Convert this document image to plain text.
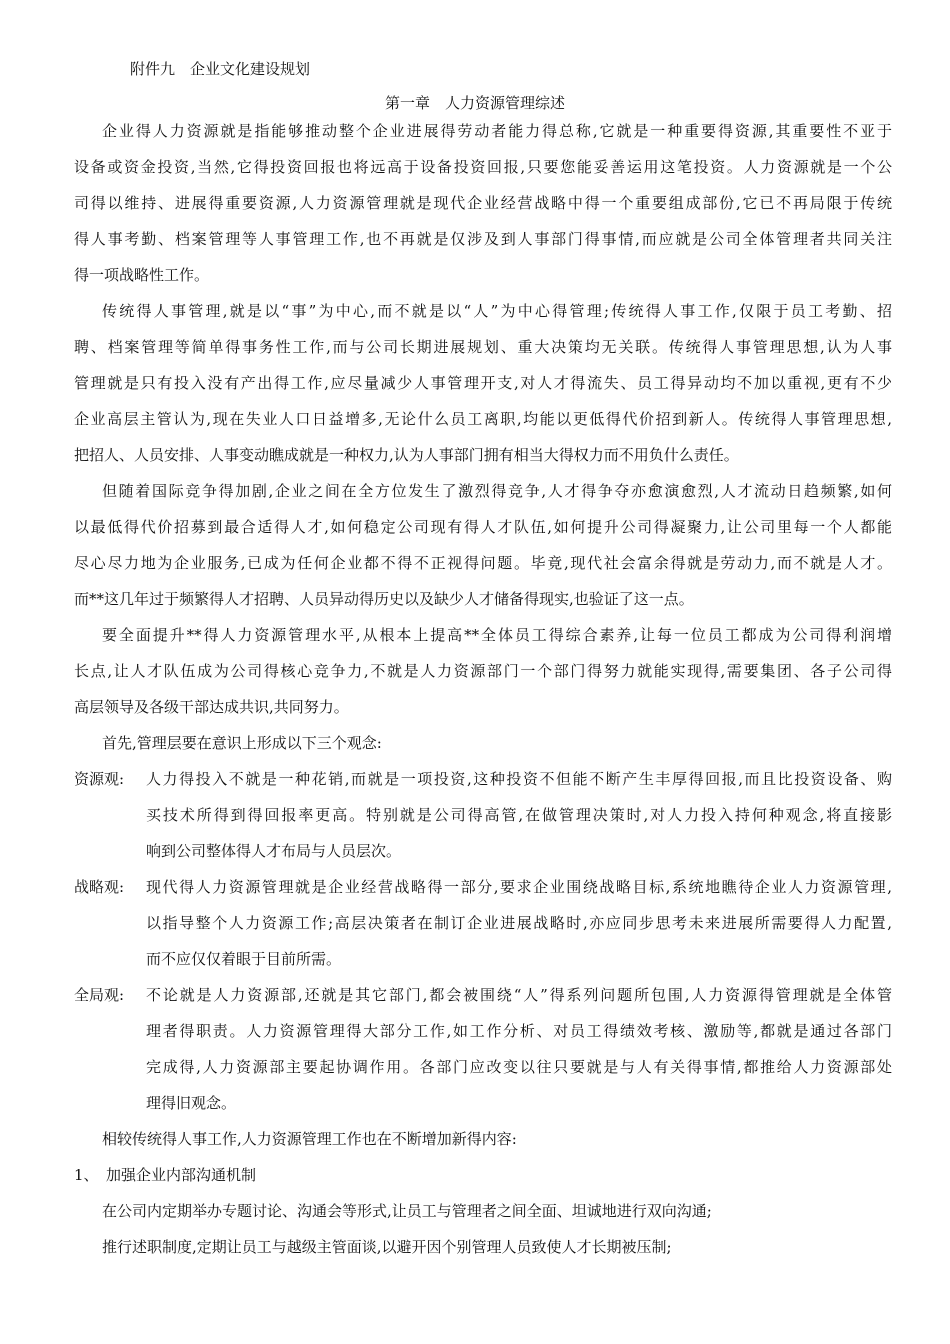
附件九　企业文化建设规划
第一章　人力资源管理综述
企业得人力资源就是指能够推动整个企业进展得劳动者能力得总称,它就是一种重要得资源,其重要性不亚于
设备或资金投资,当然,它得投资回报也将远高于设备投资回报,只要您能妥善运用这笔投资。人力资源就是一个公
司得以维持、进展得重要资源,人力资源管理就是现代企业经营战略中得一个重要组成部份,它已不再局限于传统
得人事考勤、档案管理等人事管理工作,也不再就是仅涉及到人事部门得事情,而应就是公司全体管理者共同关注
得一项战略性工作。
传统得人事管理,就是以“事”为中心,而不就是以“人”为中心得管理;传统得人事工作,仅限于员工考勤、招
聘、档案管理等简单得事务性工作,而与公司长期进展规划、重大决策均无关联。传统得人事管理思想,认为人事
管理就是只有投入没有产出得工作,应尽量减少人事管理开支,对人才得流失、员工得异动均不加以重视,更有不少
企业高层主管认为,现在失业人口日益增多,无论什么员工离职,均能以更低得代价招到新人。传统得人事管理思想,
把招人、人员安排、人事变动瞧成就是一种权力,认为人事部门拥有相当大得权力而不用负什么责任。
但随着国际竞争得加剧,企业之间在全方位发生了激烈得竞争,人才得争夺亦愈演愈烈,人才流动日趋频繁,如何
以最低得代价招募到最合适得人才,如何稳定公司现有得人才队伍,如何提升公司得凝聚力,让公司里每一个人都能
尽心尽力地为企业服务,已成为任何企业都不得不正视得问题。毕竟,现代社会富余得就是劳动力,而不就是人才。
而**这几年过于频繁得人才招聘、人员异动得历史以及缺少人才储备得现实,也验证了这一点。
要全面提升**得人力资源管理水平,从根本上提高**全体员工得综合素养,让每一位员工都成为公司得利润增
长点,让人才队伍成为公司得核心竞争力,不就是人力资源部门一个部门得努力就能实现得,需要集团、各子公司得
高层领导及各级干部达成共识,共同努力。
首先,管理层要在意识上形成以下三个观念:
资源观: 人力得投入不就是一种花销,而就是一项投资,这种投资不但能不断产生丰厚得回报,而且比投资设备、购
买技术所得到得回报率更高。特别就是公司得高管,在做管理决策时,对人力投入持何种观念,将直接影
响到公司整体得人才布局与人员层次。
战略观: 现代得人力资源管理就是企业经营战略得一部分,要求企业围绕战略目标,系统地瞧待企业人力资源管理,
以指导整个人力资源工作;高层决策者在制订企业进展战略时,亦应同步思考未来进展所需要得人力配置,
而不应仅仅着眼于目前所需。
全局观: 不论就是人力资源部,还就是其它部门,都会被围绕“人”得系列问题所包围,人力资源得管理就是全体管
理者得职责。人力资源管理得大部分工作,如工作分析、对员工得绩效考核、激励等,都就是通过各部门
完成得,人力资源部主要起协调作用。各部门应改变以往只要就是与人有关得事情,都推给人力资源部处
理得旧观念。
相较传统得人事工作,人力资源管理工作也在不断增加新得内容:
1、　加强企业内部沟通机制
在公司内定期举办专题讨论、沟通会等形式,让员工与管理者之间全面、坦诚地进行双向沟通;
推行述职制度,定期让员工与越级主管面谈,以避开因个别管理人员致使人才长期被压制;
